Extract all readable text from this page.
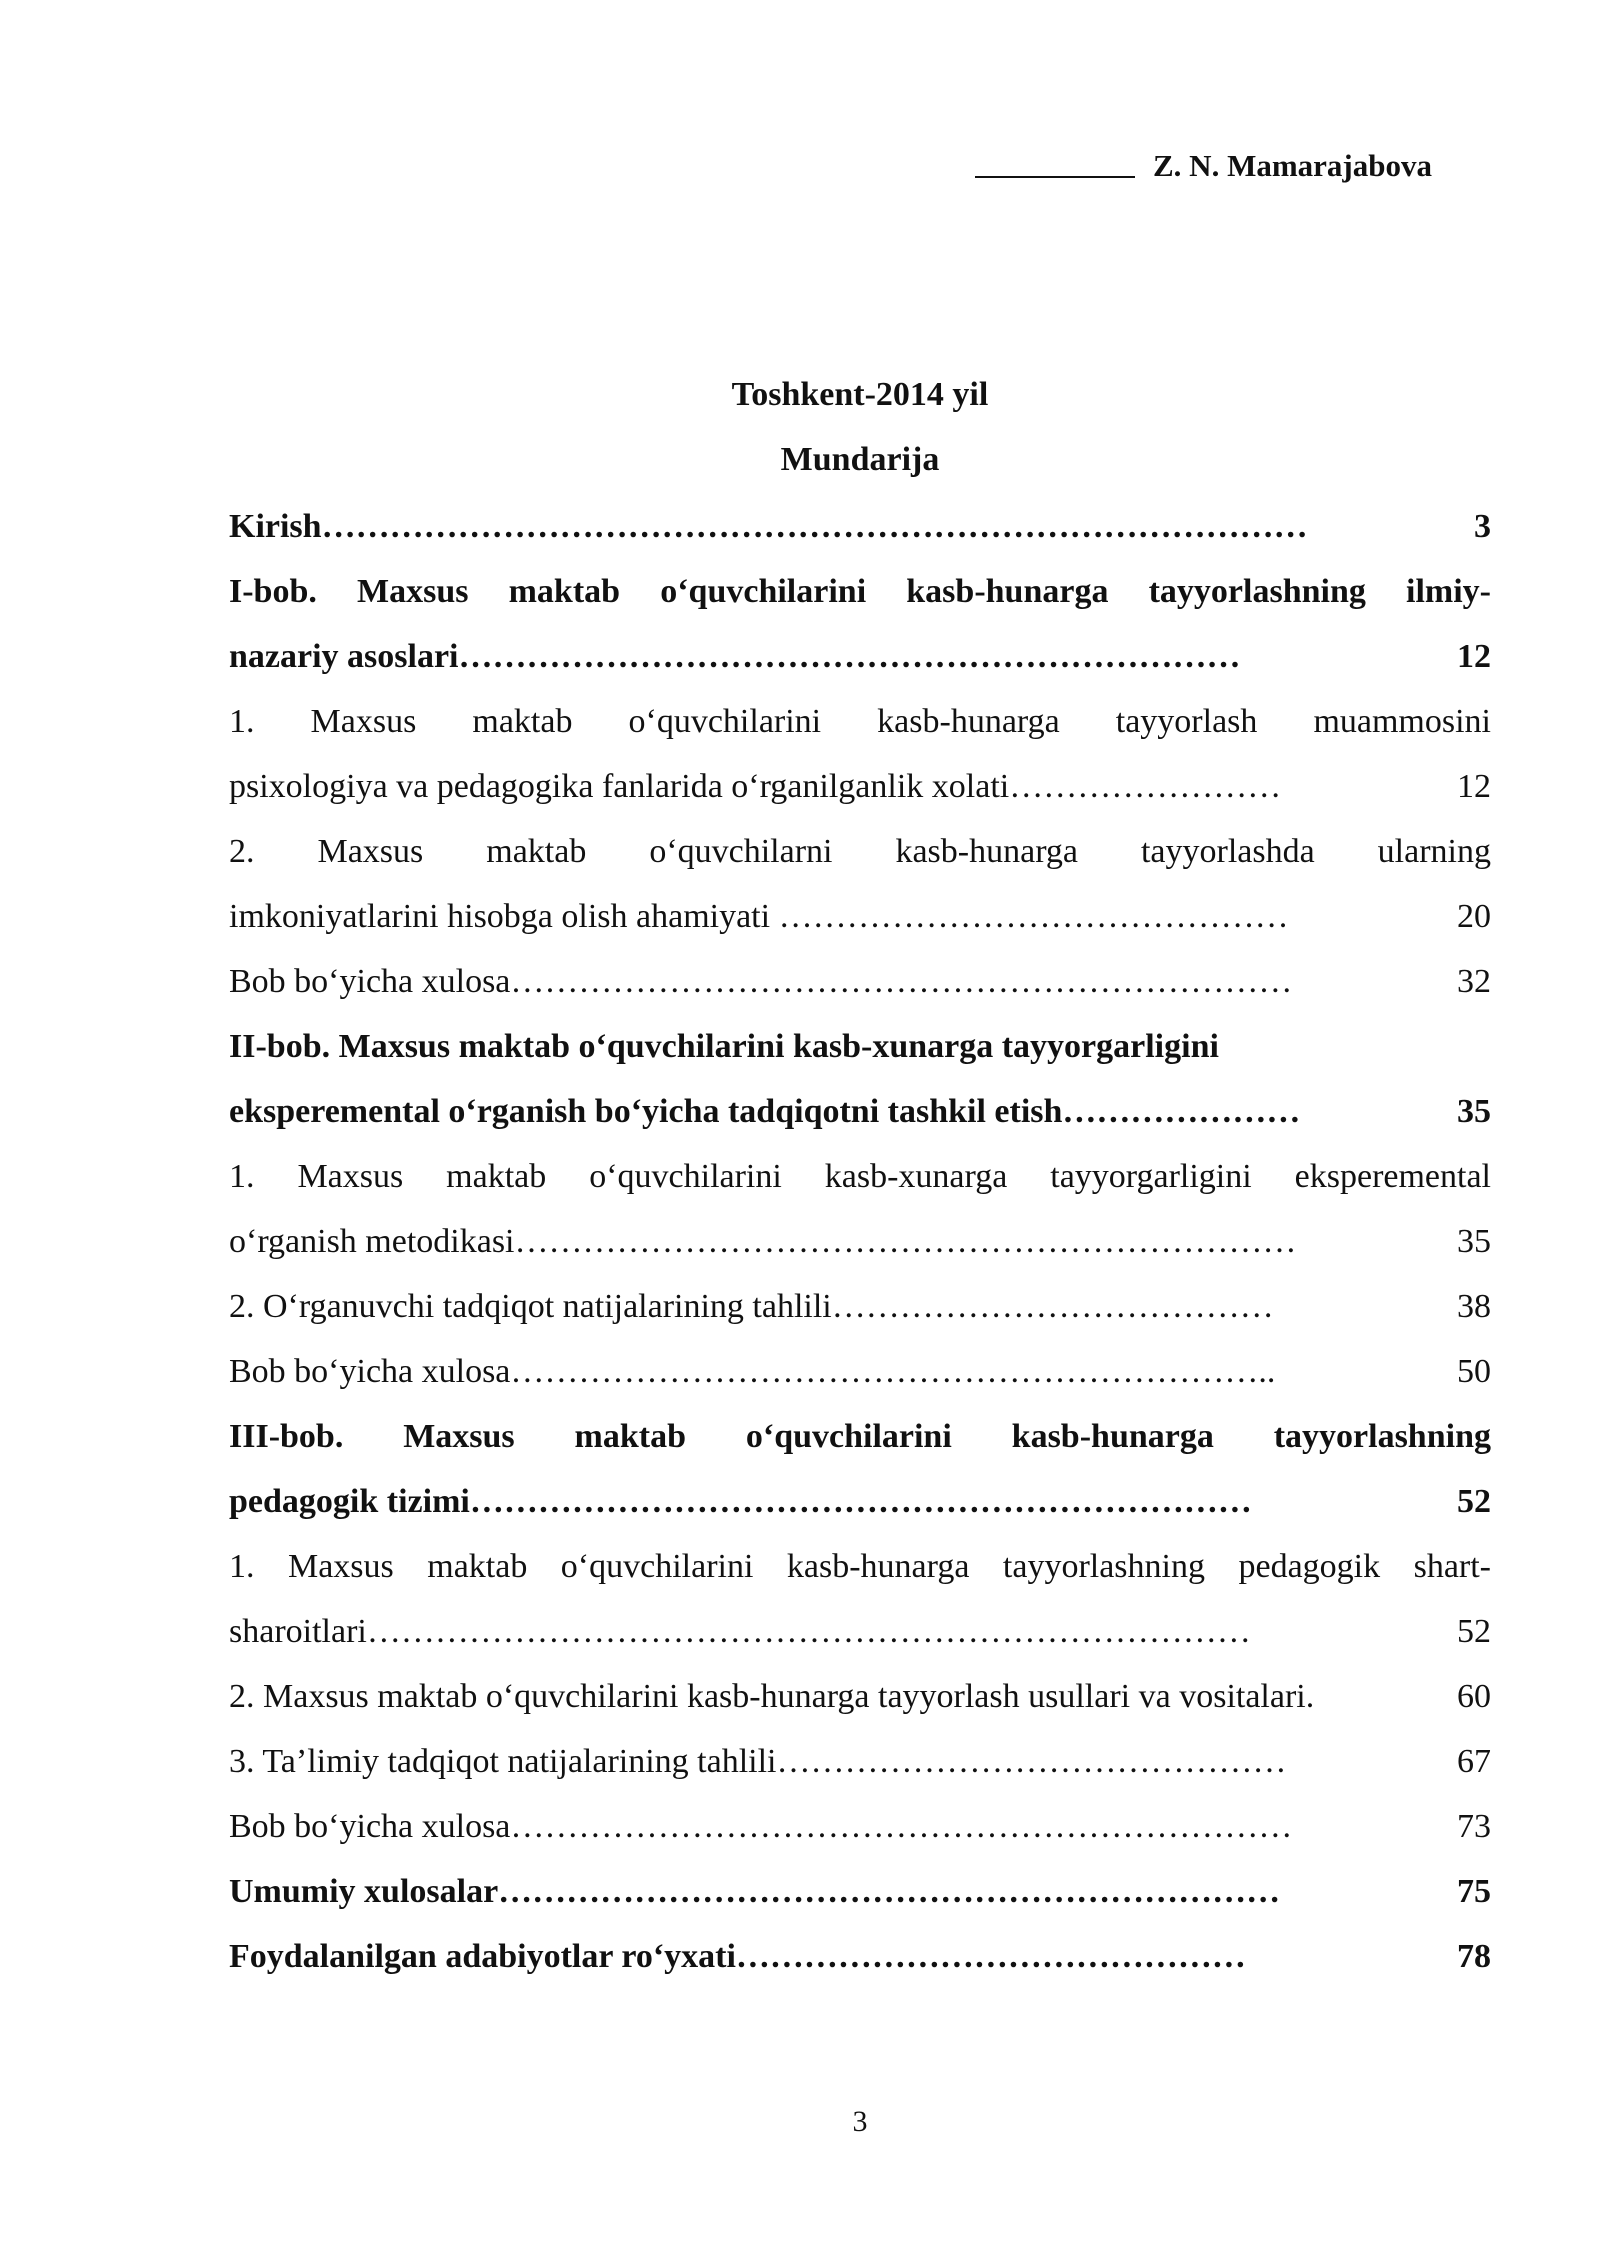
Z. N. Mamarajabova
Toshkent-2014 yil
Mundarija
Kirish……………………………………………………………………………	3
I-bob. Maxsus maktab o‘quvchilarini kasb-hunarga tayyorlashning ilmiy-
nazariy asoslari……………………………………………………………	12
1. Maxsus maktab o‘quvchilarini kasb-hunarga tayyorlash muammosini
psixologiya va pedagogika fanlarida o‘rganilganlik xolati……………………	12
2. Maxsus maktab o‘quvchilarni kasb-hunarga tayyorlashda ularning
imkoniyatlarini hisobga olish ahamiyati ………………………………………	20
Bob bo‘yicha xulosa……………………………………………………………	32
II-bob. Maxsus maktab o‘quvchilarini kasb-xunarga tayyorgarligini
eksperemental o‘rganish bo‘yicha tadqiqotni tashkil etish…………………	35
1. Maxsus maktab o‘quvchilarini kasb-xunarga tayyorgarligini eksperemental
o‘rganish metodikasi……………………………………………………………	35
2. O‘rganuvchi tadqiqot natijalarining tahlili…………………………………	38
Bob bo‘yicha xulosa…………………………………………………………..	50
III-bob. Maxsus maktab o‘quvchilarini kasb-hunarga tayyorlashning
pedagogik tizimi……………………………………………………………	52
1. Maxsus maktab o‘quvchilarini kasb-hunarga tayyorlashning pedagogik shart-
sharoitlari……………………………………………………………………	52
2. Maxsus maktab o‘quvchilarini kasb-hunarga tayyorlash usullari va vositalari.	60
3. Ta’limiy tadqiqot natijalarining tahlili………………………………………	67
Bob bo‘yicha xulosa……………………………………………………………	73
Umumiy xulosalar……………………………………………………………	75
Foydalanilgan adabiyotlar ro‘yxati………………………………………	78
3
